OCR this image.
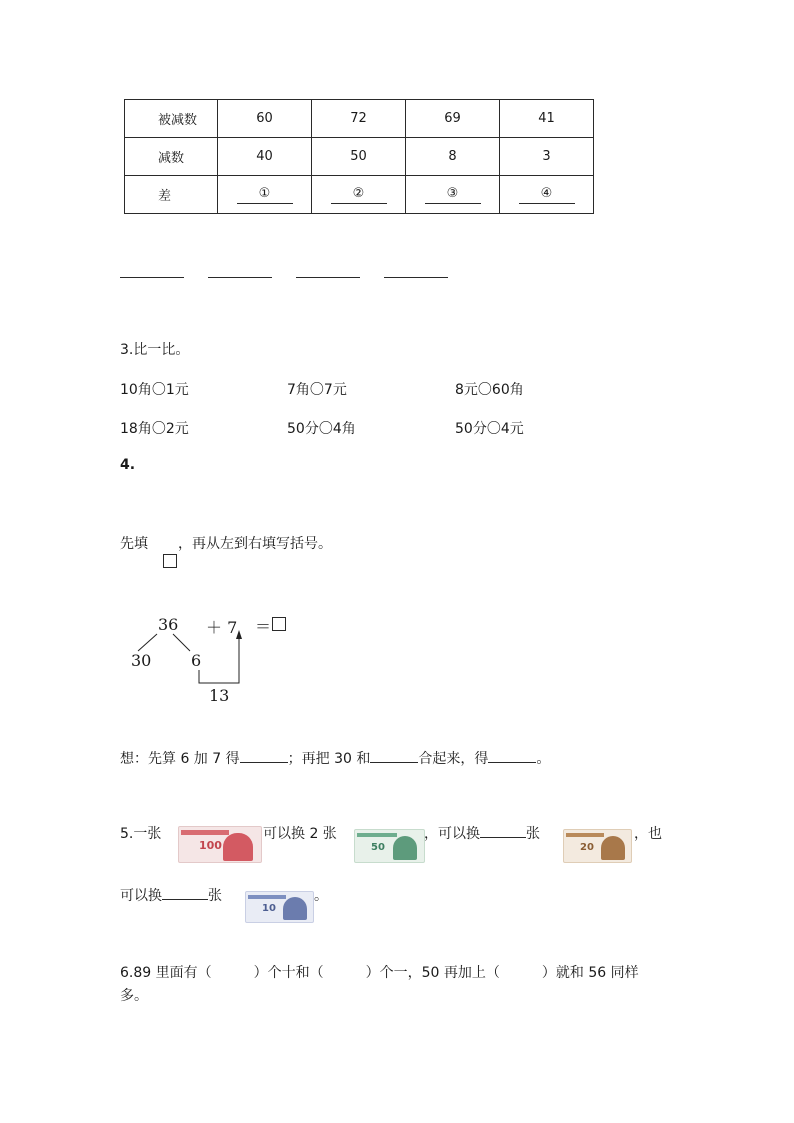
被减数	60	72	69	41
减数	40	50	8	3
差	①	②	③	④
3.比一比。
10角〇1元	7角〇7元	8元〇60角
18角〇2元	50分〇4角	50分〇4元
4.
先填 ，再从左到右填写括号。
36 ＋ 7 ＝
30 6
13
想：先算 6 加 7 得	；再把 30 和	合起来，得	。
5.一张
100
可以换 2 张
50
，可以换	张
20
，也
可以换	张
10
。
6.89 里面有（　　　）个十和（　　　）个一，50 再加上（　　　）就和 56 同样
多。
